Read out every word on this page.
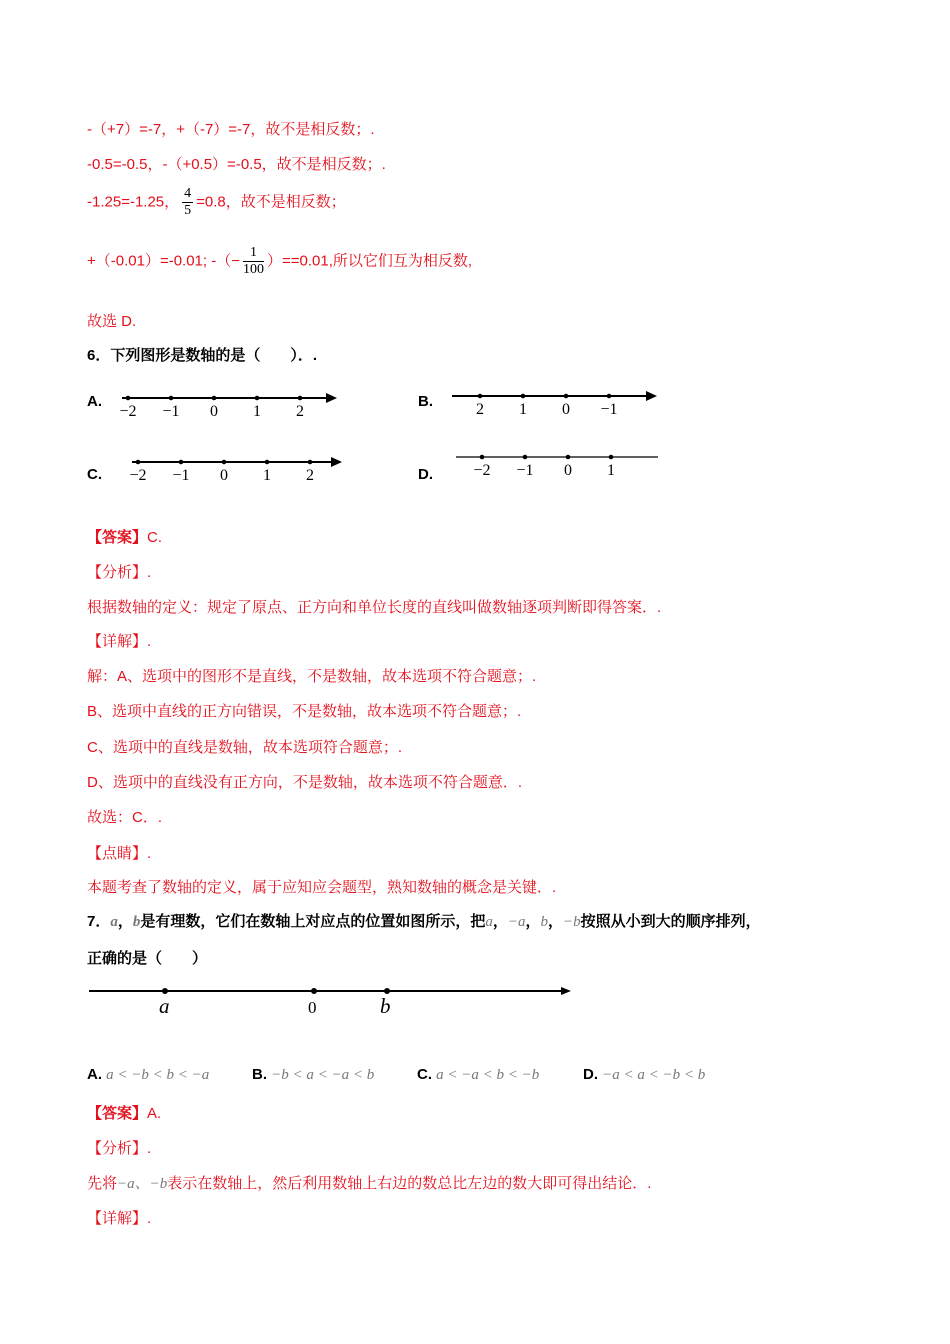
-（+7）=-7，+（-7）=-7，故不是相反数；.
-0.5=-0.5，-（+0.5）=-0.5，故不是相反数；.
-1.25=-1.25， $\frac{4}{5} =0.8$，故不是相反数；
+（-0.01）=-0.01; -（− $\frac{1}{100} )==0.01$,所以它们互为相反数,
故选 D.
6．下列图形是数轴的是（　　）．.
A.
−2 −1 0 1 2
B.	2 1 0 −1
C. −2 −1 0 1 2	D.	−2 −1 0 1
【答案】C.
【分析】.
根据数轴的定义：规定了原点、正方向和单位长度的直线叫做数轴逐项判断即得答案．.
【详解】.
解：A、选项中的图形不是直线，不是数轴，故本选项不符合题意；.
B、选项中直线的正方向错误，不是数轴，故本选项不符合题意；.
C、选项中的直线是数轴，故本选项符合题意；.
D、选项中的直线没有正方向，不是数轴，故本选项不符合题意．.
故选：C．.
【点睛】.
本题考查了数轴的定义，属于应知应会题型，熟知数轴的概念是关键．.
7．a，b是有理数，它们在数轴上对应点的位置如图所示，把a，−a，b，−b按照从小到大的顺序排列，
正确的是（　　）
a	0	b
A. a < −b < b < −a	B. −b < a < −a < b	C. a < −a < b < −b	D. −a < a < −b < b
【答案】A.
【分析】.
先将−a、−b表示在数轴上，然后利用数轴上右边的数总比左边的数大即可得出结论．.
【详解】.
